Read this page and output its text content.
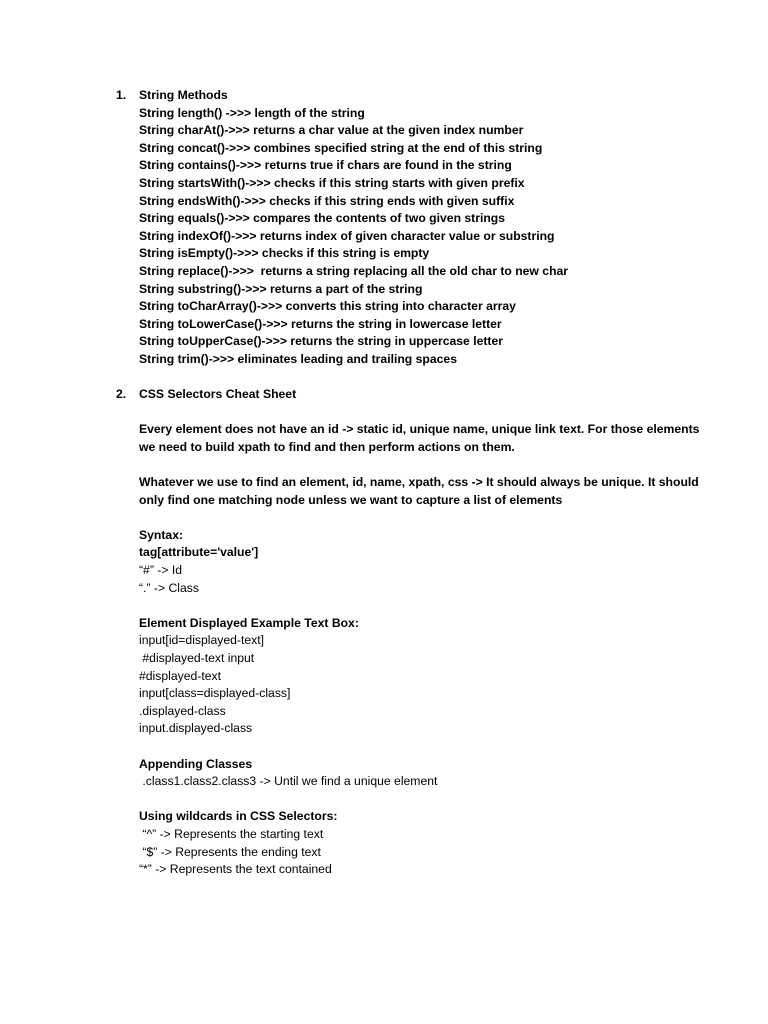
1. String Methods
String length() ->>> length of the string
String charAt()->>> returns a char value at the given index number
String concat()->>> combines specified string at the end of this string
String contains()->>> returns true if chars are found in the string
String startsWith()->>> checks if this string starts with given prefix
String endsWith()->>> checks if this string ends with given suffix
String equals()->>> compares the contents of two given strings
String indexOf()->>> returns index of given character value or substring
String isEmpty()->>> checks if this string is empty
String replace()->>>  returns a string replacing all the old char to new char
String substring()->>> returns a part of the string
String toCharArray()->>> converts this string into character array
String toLowerCase()->>> returns the string in lowercase letter
String toUpperCase()->>> returns the string in uppercase letter
String trim()->>> eliminates leading and trailing spaces
2. CSS Selectors Cheat Sheet
Every element does not have an id -> static id, unique name, unique link text. For those elements we need to build xpath to find and then perform actions on them.
Whatever we use to find an element, id, name, xpath, css -> It should always be unique. It should only find one matching node unless we want to capture a list of elements
Syntax:
tag[attribute='value']
“#” -> Id
“.” -> Class
Element Displayed Example Text Box:
input[id=displayed-text]
#displayed-text input
#displayed-text
input[class=displayed-class]
.displayed-class
input.displayed-class
Appending Classes
.class1.class2.class3 -> Until we find a unique element
Using wildcards in CSS Selectors:
“^” -> Represents the starting text
“$” -> Represents the ending text
“*” -> Represents the text contained
